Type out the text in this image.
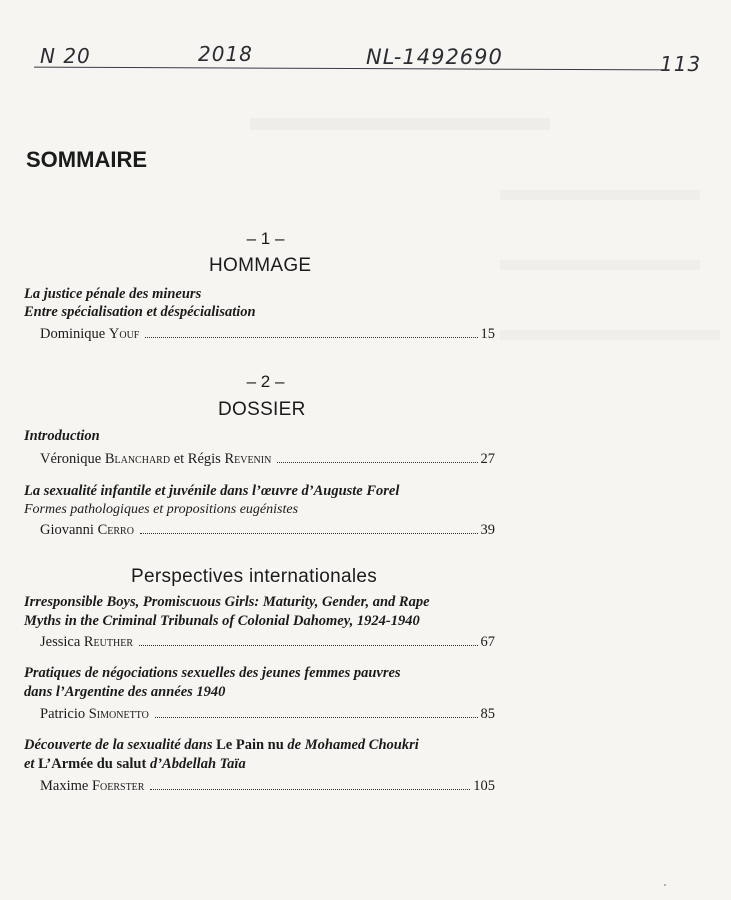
N 20	2018	NL-1492690	113
SOMMAIRE
– 1 –
HOMMAGE
La justice pénale des mineurs
Entre spécialisation et déspécialisation
Dominique Youf	15
– 2 –
DOSSIER
Introduction
Véronique Blanchard et Régis Revenin	27
La sexualité infantile et juvénile dans l’œuvre d’Auguste Forel
Formes pathologiques et propositions eugénistes
Giovanni Cerro	39
Perspectives internationales
Irresponsible Boys, Promiscuous Girls: Maturity, Gender, and Rape
Myths in the Criminal Tribunals of Colonial Dahomey, 1924-1940
Jessica Reuther	67
Pratiques de négociations sexuelles des jeunes femmes pauvres
dans l’Argentine des années 1940
Patricio Simonetto	85
Découverte de la sexualité dans Le Pain nu de Mohamed Choukri
et L’Armée du salut d’Abdellah Taïa
Maxime Foerster	105
